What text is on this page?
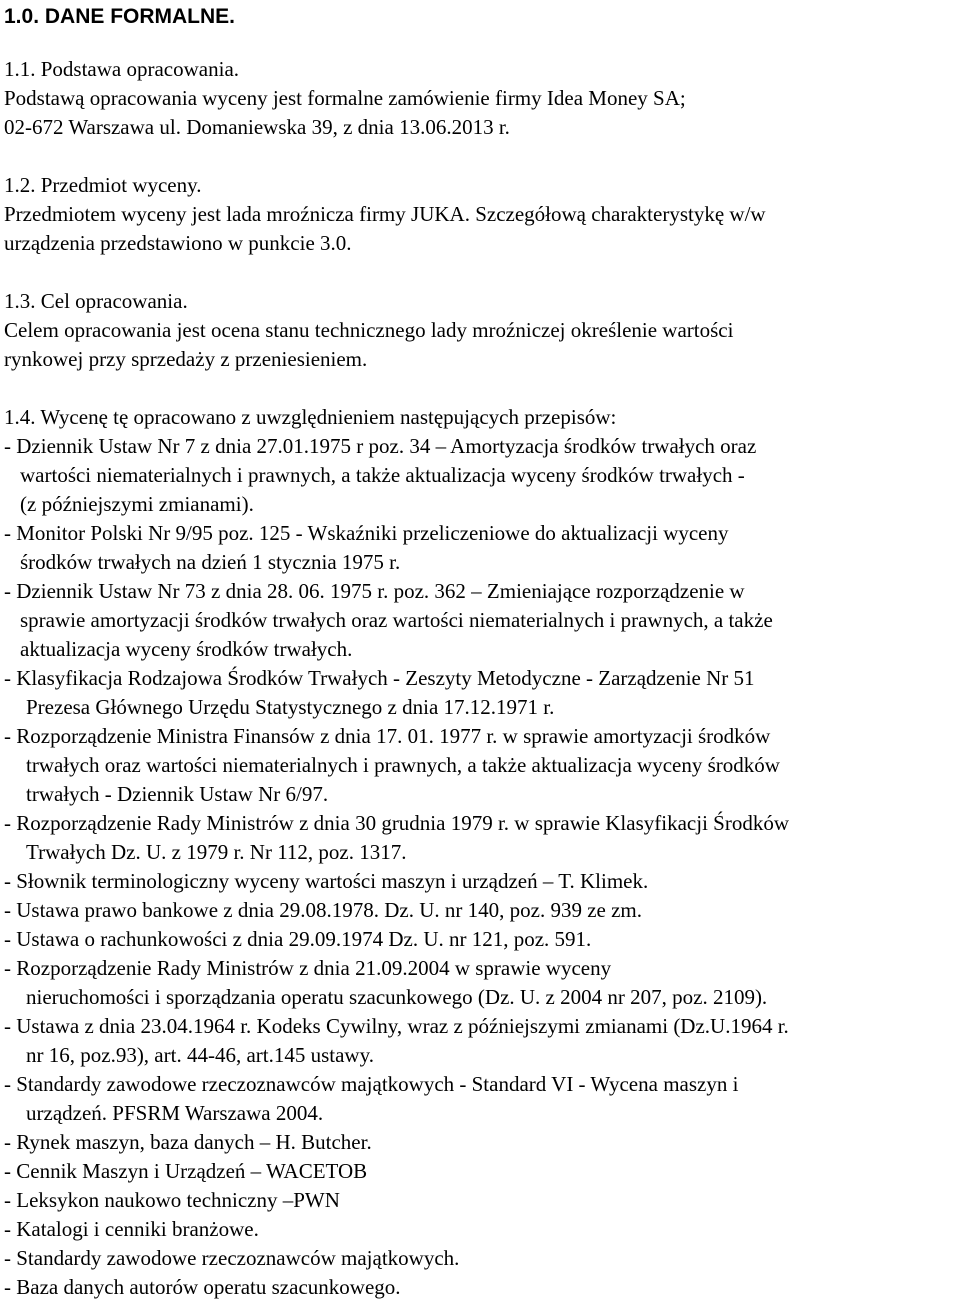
1.0. DANE FORMALNE.
1.1. Podstawa opracowania.
Podstawą opracowania wyceny jest formalne zamówienie firmy Idea Money SA;
02-672 Warszawa ul. Domaniewska 39, z dnia 13.06.2013 r.
1.2. Przedmiot wyceny.
Przedmiotem wyceny jest lada mroźnicza firmy JUKA. Szczegółową charakterystykę w/w
urządzenia przedstawiono w punkcie 3.0.
1.3. Cel opracowania.
Celem opracowania jest ocena stanu technicznego lady mroźniczej określenie wartości
rynkowej przy sprzedaży z przeniesieniem.
1.4. Wycenę tę opracowano z uwzględnieniem następujących przepisów:
- Dziennik Ustaw Nr 7 z dnia 27.01.1975 r poz. 34 – Amortyzacja środków trwałych oraz
wartości niematerialnych i prawnych, a także aktualizacja wyceny środków trwałych -
(z późniejszymi zmianami).
- Monitor Polski Nr 9/95 poz. 125 - Wskaźniki przeliczeniowe do aktualizacji wyceny
środków trwałych na dzień 1 stycznia 1975 r.
- Dziennik Ustaw Nr 73 z dnia 28. 06. 1975 r. poz. 362 – Zmieniające rozporządzenie w
sprawie amortyzacji środków trwałych oraz wartości niematerialnych i prawnych, a także
aktualizacja wyceny środków trwałych.
- Klasyfikacja Rodzajowa Środków Trwałych - Zeszyty Metodyczne - Zarządzenie Nr 51
Prezesa Głównego Urzędu Statystycznego z dnia 17.12.1971 r.
- Rozporządzenie Ministra Finansów z dnia 17. 01. 1977 r. w sprawie amortyzacji środków
trwałych oraz wartości niematerialnych i prawnych, a także aktualizacja wyceny środków
trwałych - Dziennik Ustaw Nr 6/97.
- Rozporządzenie Rady Ministrów z dnia 30 grudnia 1979 r. w sprawie Klasyfikacji Środków
Trwałych Dz. U. z 1979 r. Nr 112, poz. 1317.
- Słownik terminologiczny wyceny wartości maszyn i urządzeń – T. Klimek.
- Ustawa prawo bankowe z dnia 29.08.1978. Dz. U. nr 140, poz. 939 ze zm.
- Ustawa o rachunkowości z dnia 29.09.1974 Dz. U. nr 121, poz. 591.
- Rozporządzenie Rady Ministrów z dnia 21.09.2004 w sprawie wyceny
nieruchomości i sporządzania operatu szacunkowego (Dz. U. z 2004 nr 207, poz. 2109).
- Ustawa z dnia 23.04.1964 r. Kodeks Cywilny, wraz z późniejszymi zmianami (Dz.U.1964 r.
nr 16, poz.93), art. 44-46, art.145 ustawy.
- Standardy zawodowe rzeczoznawców majątkowych - Standard VI - Wycena maszyn i
urządzeń. PFSRM Warszawa 2004.
- Rynek maszyn, baza danych – H. Butcher.
- Cennik Maszyn i Urządzeń – WACETOB
- Leksykon naukowo techniczny –PWN
- Katalogi i cenniki branżowe.
- Standardy zawodowe rzeczoznawców majątkowych.
- Baza danych autorów operatu szacunkowego.
